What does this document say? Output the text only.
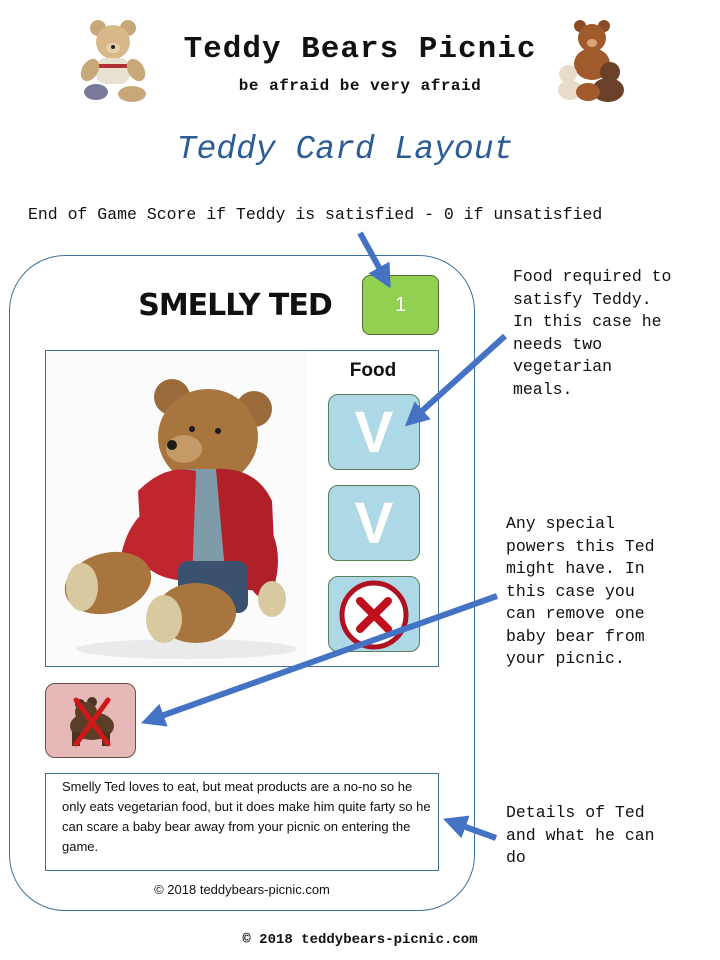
Teddy Bears Picnic
be afraid be very afraid
Teddy Card Layout
End of Game Score if Teddy is satisfied - 0 if unsatisfied
SMELLY TED	1
Food
V
V
Smelly Ted loves to eat, but meat products are a no-no so he only eats vegetarian food, but it does make him quite farty so he can scare a baby bear away from your picnic on entering the game.
© 2018 teddybears-picnic.com
Food required to
satisfy Teddy.
In this case he
needs two
vegetarian
meals.
Any special
powers this Ted
might have. In
this case you
can remove one
baby bear from
your picnic.
Details of Ted
and what he can
do
© 2018 teddybears-picnic.com
